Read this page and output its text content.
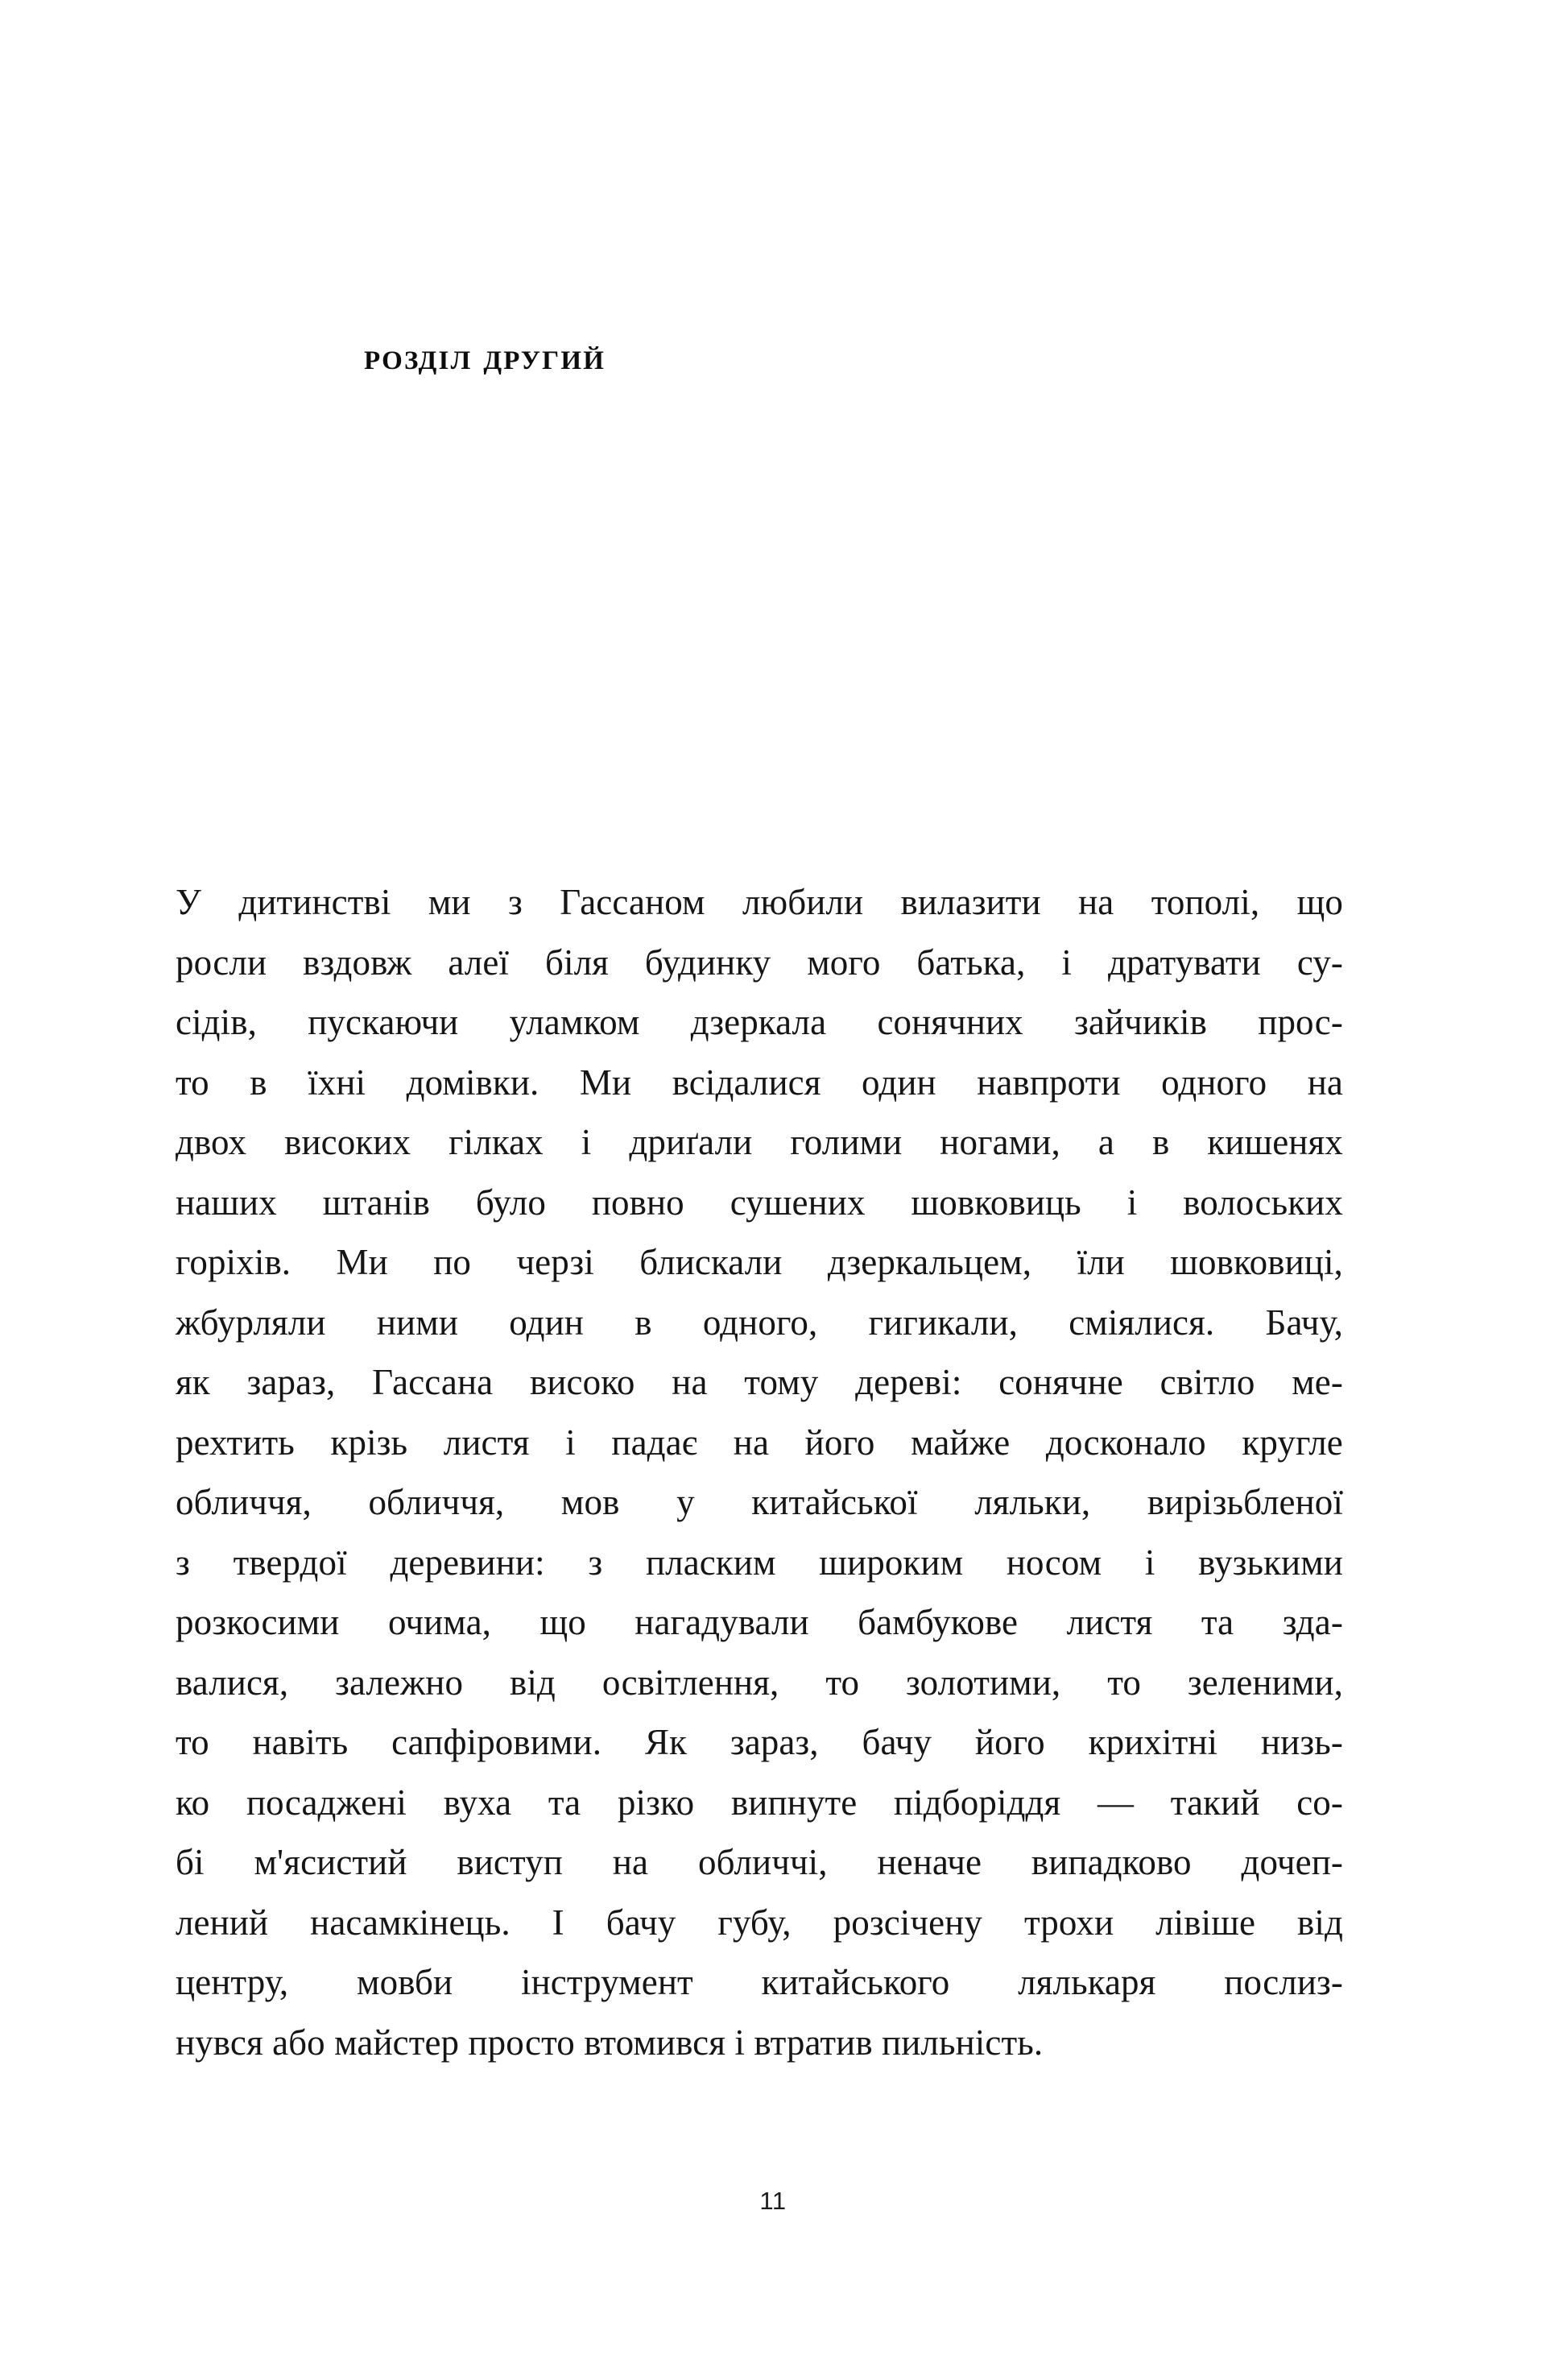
розділ другий
У дитинстві ми з Гассаном любили вилазити на тополі, що
росли вздовж алеї біля будинку мого батька, і дратувати су-
сідів, пускаючи уламком дзеркала сонячних зайчиків прос-
то в їхні домівки. Ми всідалися один навпроти одного на
двох високих гілках і дриґали голими ногами, а в кишенях
наших штанів було повно сушених шовковиць і волоських
горіхів. Ми по черзі блискали дзеркальцем, їли шовковиці,
жбурляли ними один в одного, гигикали, сміялися. Бачу,
як зараз, Гассана високо на тому дереві: сонячне світло ме-
рехтить крізь листя і падає на його майже досконало кругле
обличчя, обличчя, мов у китайської ляльки, вирізьбленої
з твердої деревини: з пласким широким носом і вузькими
розкосими очима, що нагадували бамбукове листя та зда-
валися, залежно від освітлення, то золотими, то зеленими,
то навіть сапфіровими. Як зараз, бачу його крихітні низь-
ко посаджені вуха та різко випнуте підборіддя — такий со-
бі м'ясистий виступ на обличчі, неначе випадково дочеп-
лений насамкінець. І бачу губу, розсічену трохи лівіше від
центру, мовби інструмент китайського лялькаря послиз-
нувся або майстер просто втомився і втратив пильність.
11
